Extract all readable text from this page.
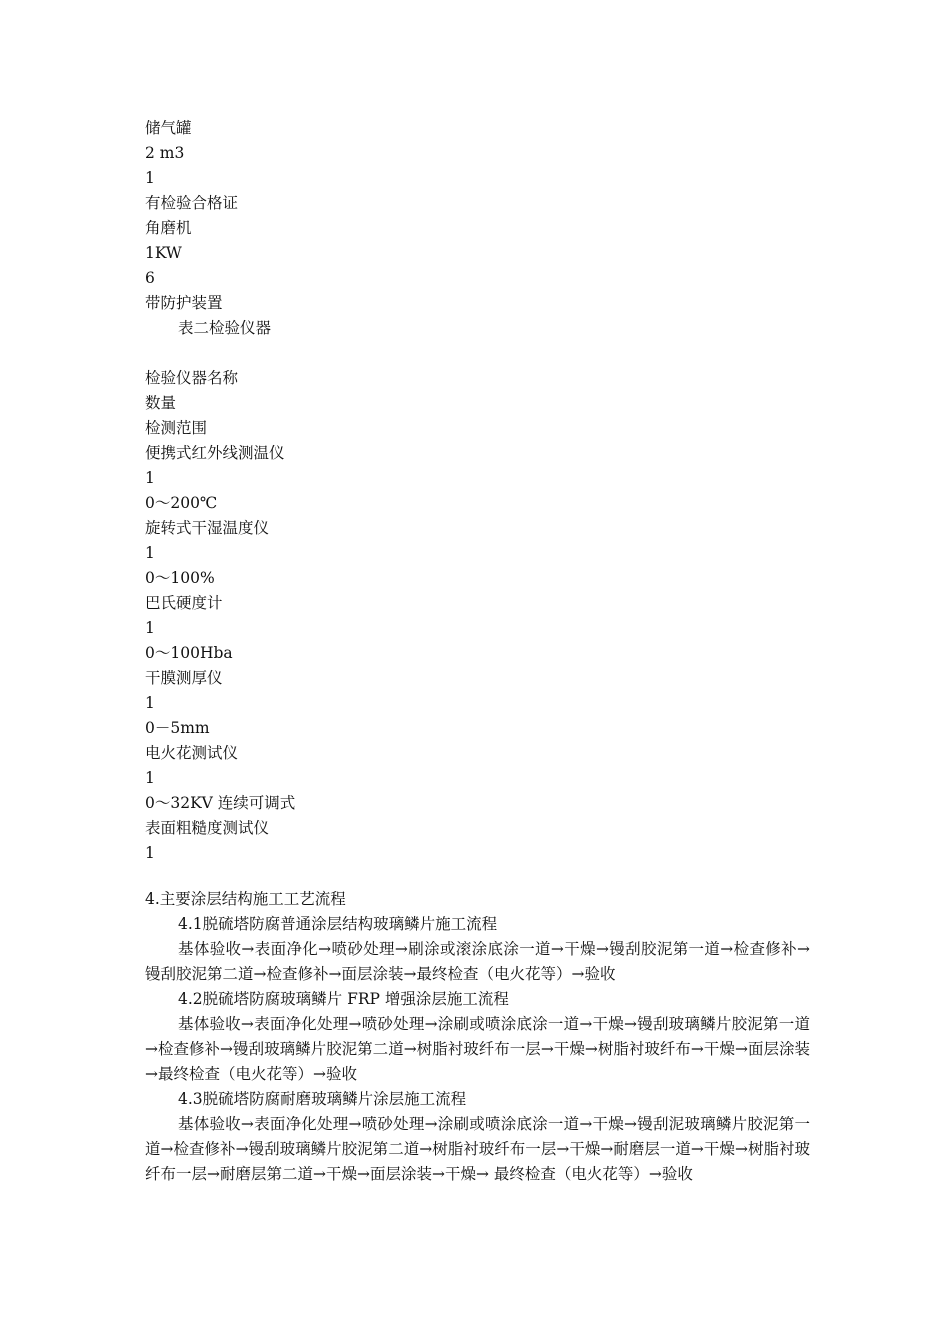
储气罐
2 m3
1
有检验合格证
角磨机
1KW
6
带防护装置
表二检验仪器
检验仪器名称
数量
检测范围
便携式红外线测温仪
1
0～200℃
旋转式干湿温度仪
1
0～100%
巴氏硬度计
1
0～100Hba
干膜测厚仪
1
0－5mm
电火花测试仪
1
0～32KV 连续可调式
表面粗糙度测试仪
1

4.主要涂层结构施工工艺流程

4.1脱硫塔防腐普通涂层结构玻璃鳞片施工流程

基体验收→表面净化→喷砂处理→刷涂或滚涂底涂一道→干燥→镘刮胶泥第一道→检查修补→镘刮胶泥第二道→检查修补→面层涂装→最终检查（电火花等）→验收

4.2脱硫塔防腐玻璃鳞片 FRP 增强涂层施工流程

基体验收→表面净化处理→喷砂处理→涂刷或喷涂底涂一道→干燥→镘刮玻璃鳞片胶泥第一道→检查修补→镘刮玻璃鳞片胶泥第二道→树脂衬玻纤布一层→干燥→树脂衬玻纤布→干燥→面层涂装→最终检查（电火花等）→验收

4.3脱硫塔防腐耐磨玻璃鳞片涂层施工流程

基体验收→表面净化处理→喷砂处理→涂刷或喷涂底涂一道→干燥→镘刮泥玻璃鳞片胶泥第一道→检查修补→镘刮玻璃鳞片胶泥第二道→树脂衬玻纤布一层→干燥→耐磨层一道→干燥→树脂衬玻纤布一层→耐磨层第二道→干燥→面层涂装→干燥→ 最终检查（电火花等）→验收
